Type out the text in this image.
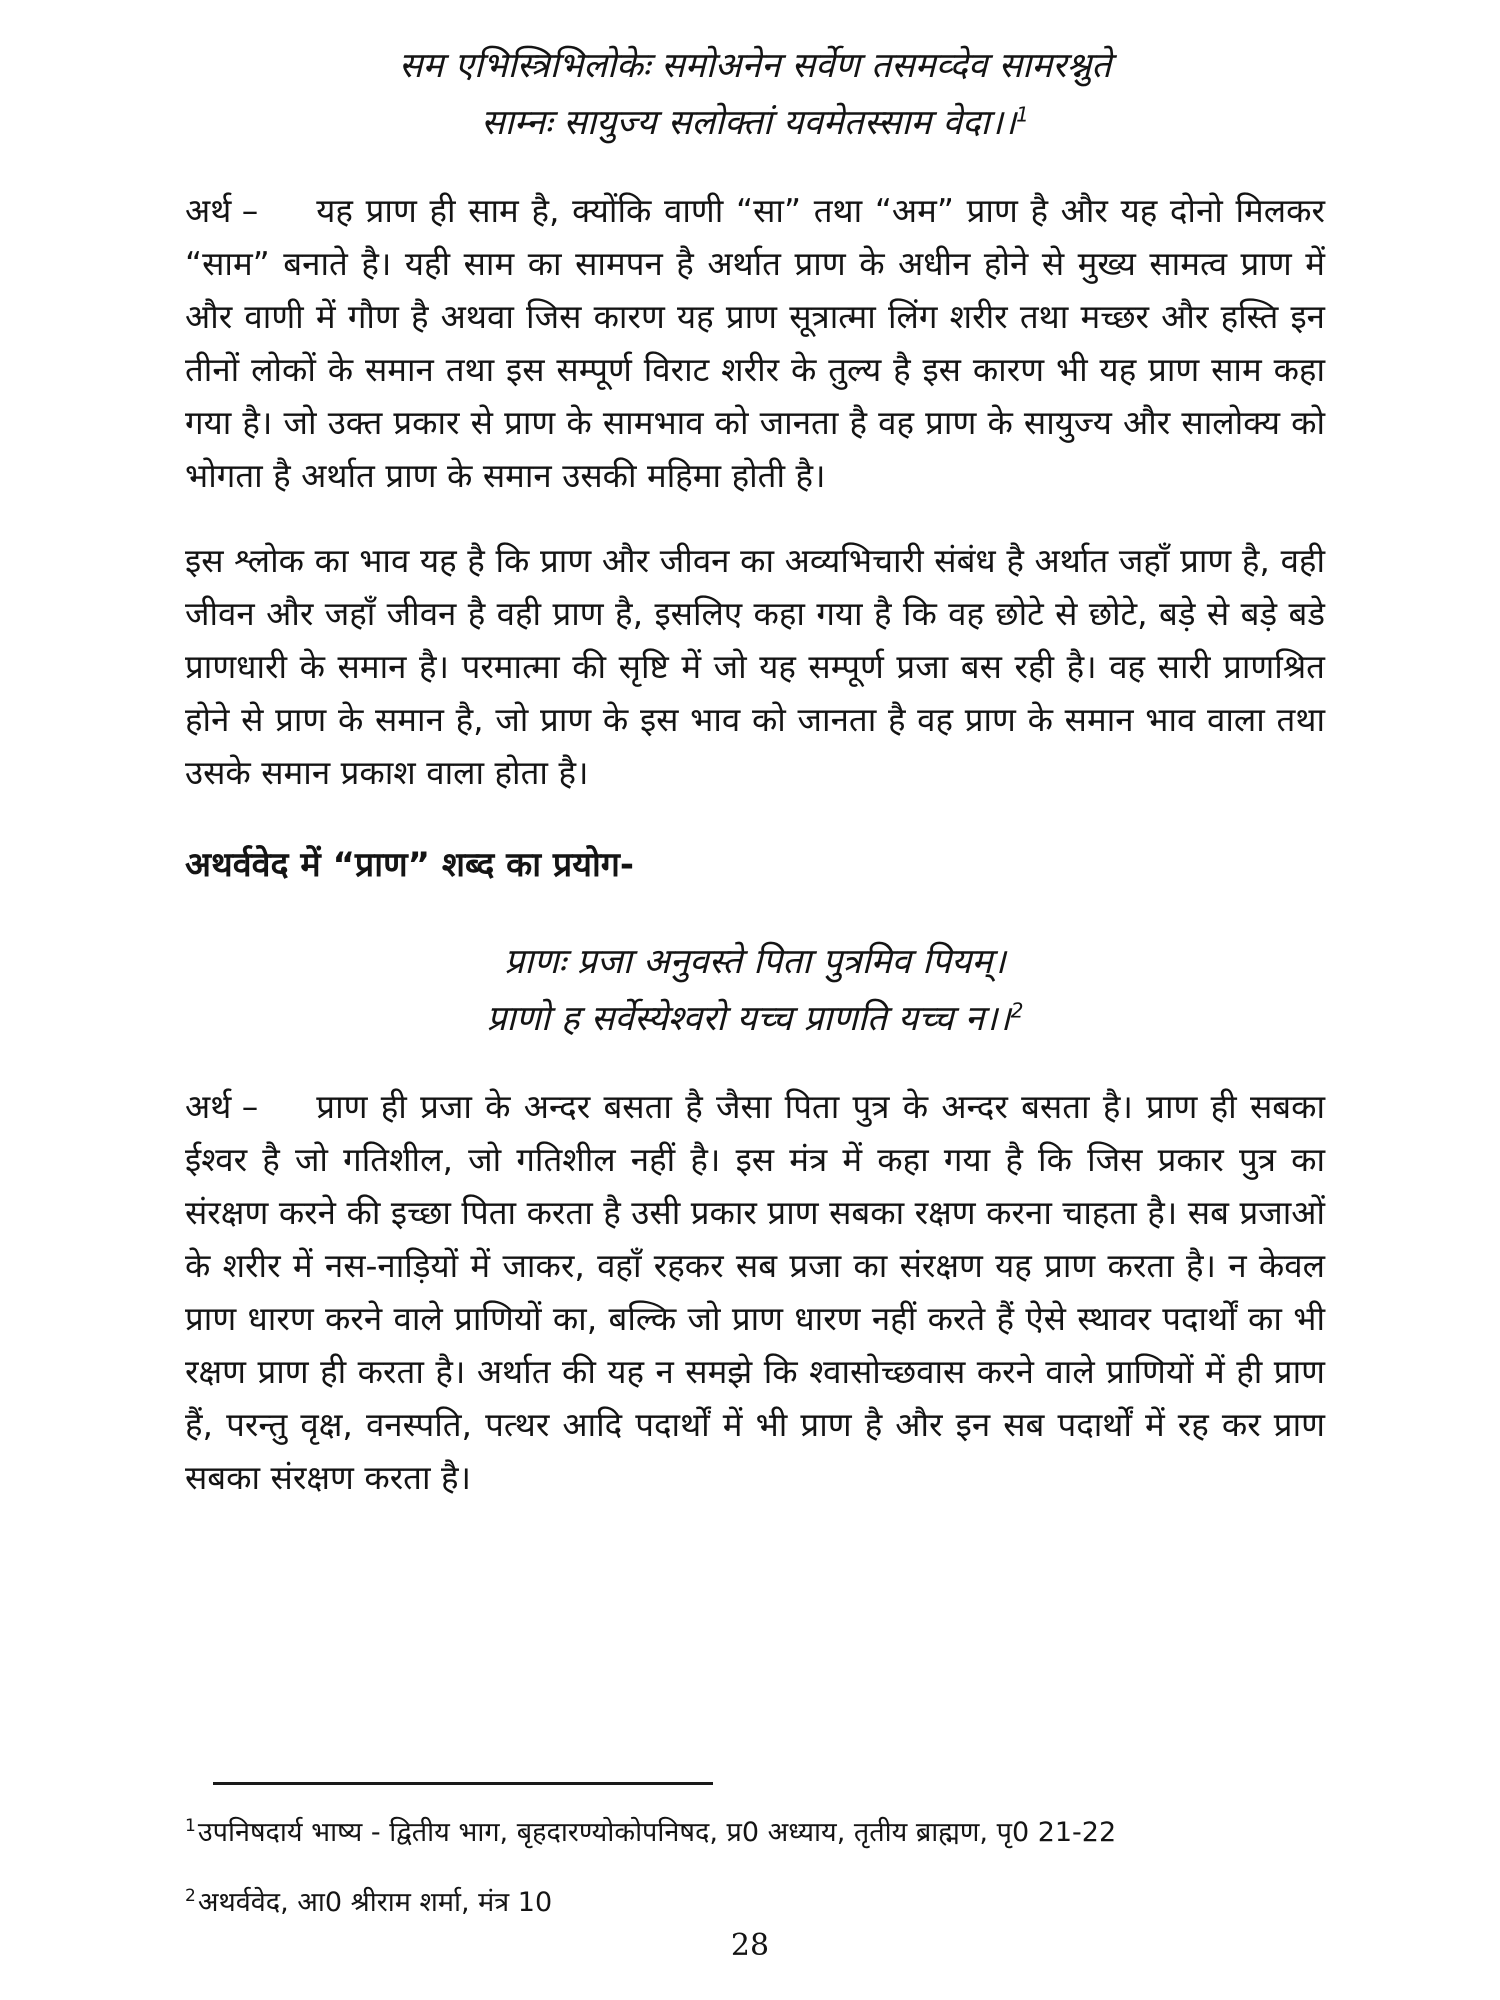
सम एभिस्त्रिभिलोकेः समोअनेन सर्वेण तसमव्देव सामरश्नुते
साम्नः सायुज्य सलोक्तां यवमेतस्साम वेदा।।$^1$

अर्थ – यह प्राण ही साम है, क्योंकि वाणी “सा” तथा “अम” प्राण है और यह दोनो मिलकर “साम” बनाते है। यही साम का सामपन है अर्थात प्राण के अधीन होने से मुख्य सामत्व प्राण में और वाणी में गौण है अथवा जिस कारण यह प्राण सूत्रात्मा लिंग शरीर तथा मच्छर और हस्ति इन तीनों लोकों के समान तथा इस सम्पूर्ण विराट शरीर के तुल्य है इस कारण भी यह प्राण साम कहा गया है। जो उक्त प्रकार से प्राण के सामभाव को जानता है वह प्राण के सायुज्य और सालोक्य को भोगता है अर्थात प्राण के समान उसकी महिमा होती है।

इस श्लोक का भाव यह है कि प्राण और जीवन का अव्यभिचारी संबंध है अर्थात जहाँ प्राण है, वही जीवन और जहाँ जीवन है वही प्राण है, इसलिए कहा गया है कि वह छोटे से छोटे, बड़े से बड़े बडे प्राणधारी के समान है। परमात्मा की सृष्टि में जो यह सम्पूर्ण प्रजा बस रही है। वह सारी प्राणश्रित होने से प्राण के समान है, जो प्राण के इस भाव को जानता है वह प्राण के समान भाव वाला तथा उसके समान प्रकाश वाला होता है।

अथर्ववेद में “प्राण” शब्द का प्रयोग-
प्राणः प्रजा अनुवस्ते पिता पुत्रमिव पियम्।
प्राणो ह सर्वेस्येश्वरो यच्च प्राणति यच्च न।।$^2$

अर्थ – प्राण ही प्रजा के अन्दर बसता है जैसा पिता पुत्र के अन्दर बसता है। प्राण ही सबका ईश्वर है जो गतिशील, जो गतिशील नहीं है। इस मंत्र में कहा गया है कि जिस प्रकार पुत्र का संरक्षण करने की इच्छा पिता करता है उसी प्रकार प्राण सबका रक्षण करना चाहता है। सब प्रजाओं के शरीर में नस-नाड़ियों में जाकर, वहाँ रहकर सब प्रजा का संरक्षण यह प्राण करता है। न केवल प्राण धारण करने वाले प्राणियों का, बल्कि जो प्राण धारण नहीं करते हैं ऐसे स्थावर पदार्थों का भी रक्षण प्राण ही करता है। अर्थात की यह न समझे कि श्वासोच्छवास करने वाले प्राणियों में ही प्राण हैं, परन्तु वृक्ष, वनस्पति, पत्थर आदि पदार्थों में भी प्राण है और इन सब पदार्थों में रह कर प्राण सबका संरक्षण करता है।

$^1$उपनिषदार्य भाष्य - द्वितीय भाग, बृहदारण्योकोपनिषद, प्र0 अध्याय, तृतीय ब्राह्मण, पृ0 21-22
$^2$अथर्ववेद, आ0 श्रीराम शर्मा, मंत्र 10
28
